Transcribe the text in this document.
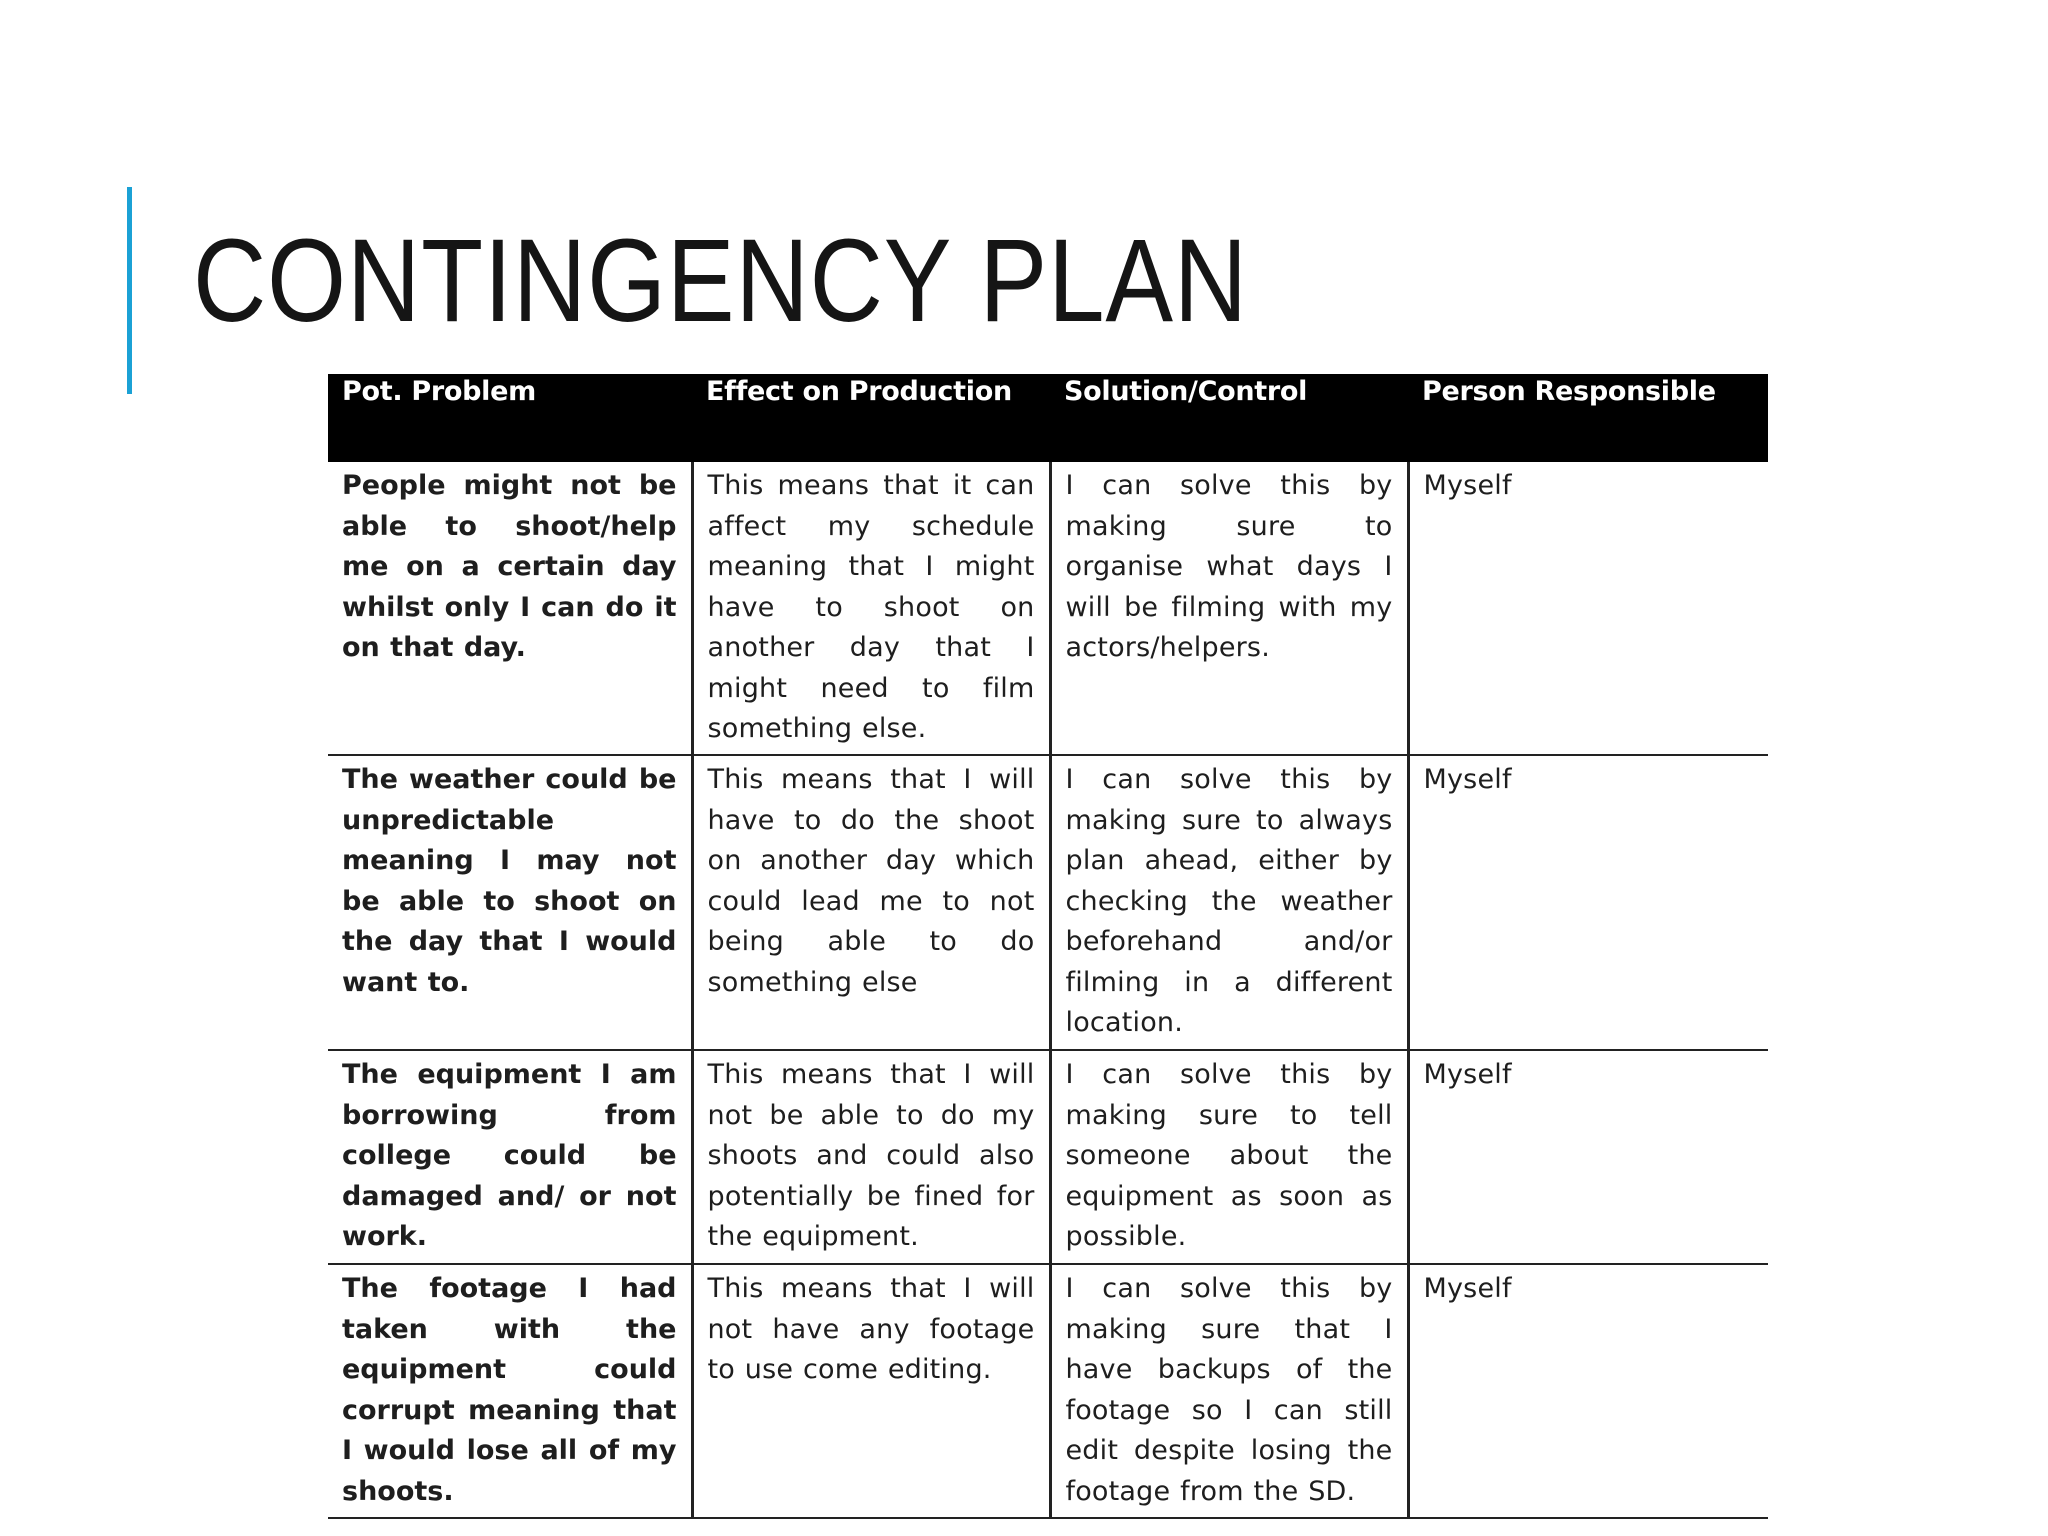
CONTINGENCY PLAN
Pot. Problem	Effect on Production	Solution/Control	Person Responsible
People might not be able to shoot/help me on a certain day whilst only I can do it on that day.	This means that it can affect my schedule meaning that I might have to shoot on another day that I might need to film something else.	I can solve this by making sure to organise what days I will be filming with my actors/helpers.	Myself
The weather could be unpredictable meaning I may not be able to shoot on the day that I would want to.	This means that I will have to do the shoot on another day which could lead me to not being able to do something else	I can solve this by making sure to always plan ahead, either by checking the weather beforehand and/or filming in a different location.	Myself
The equipment I am borrowing from college could be damaged and/ or not work.	This means that I will not be able to do my shoots and could also potentially be fined for the equipment.	I can solve this by making sure to tell someone about the equipment as soon as possible.	Myself
The footage I had taken with the equipment could corrupt meaning that I would lose all of my shoots.	This means that I will not have any footage to use come editing.	I can solve this by making sure that I have backups of the footage so I can still edit despite losing the footage from the SD.	Myself
